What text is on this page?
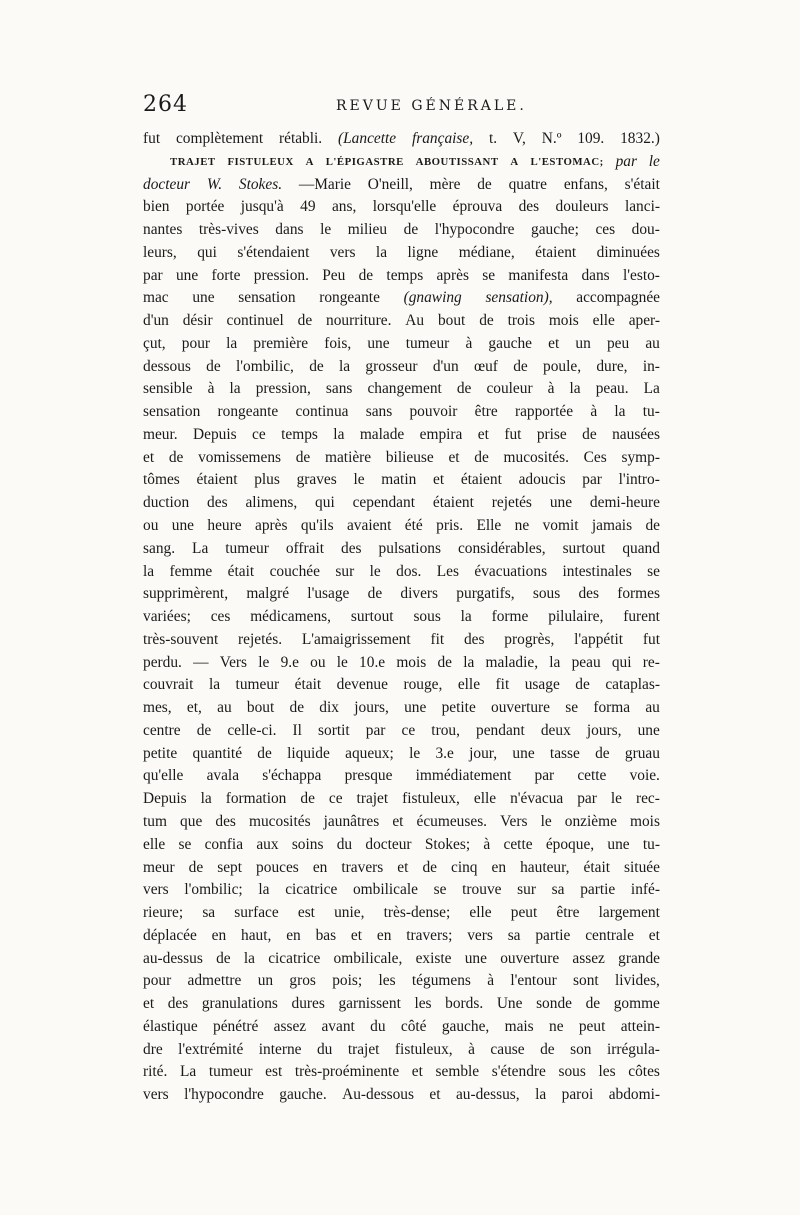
264	REVUE GÉNÉRALE.
fut complètement rétabli. (Lancette française, t. V, N.º 109. 1832.)
TRAJET FISTULEUX A L'ÉPIGASTRE ABOUTISSANT A L'ESTOMAC; par le
docteur W. Stokes. —Marie O'neill, mère de quatre enfans, s'était
bien portée jusqu'à 49 ans, lorsqu'elle éprouva des douleurs lanci-
nantes très-vives dans le milieu de l'hypocondre gauche; ces dou-
leurs, qui s'étendaient vers la ligne médiane, étaient diminuées
par une forte pression. Peu de temps après se manifesta dans l'esto-
mac une sensation rongeante (gnawing sensation), accompagnée
d'un désir continuel de nourriture. Au bout de trois mois elle aper-
çut, pour la première fois, une tumeur à gauche et un peu au
dessous de l'ombilic, de la grosseur d'un œuf de poule, dure, in-
sensible à la pression, sans changement de couleur à la peau. La
sensation rongeante continua sans pouvoir être rapportée à la tu-
meur. Depuis ce temps la malade empira et fut prise de nausées
et de vomissemens de matière bilieuse et de mucosités. Ces symp-
tômes étaient plus graves le matin et étaient adoucis par l'intro-
duction des alimens, qui cependant étaient rejetés une demi-heure
ou une heure après qu'ils avaient été pris. Elle ne vomit jamais de
sang. La tumeur offrait des pulsations considérables, surtout quand
la femme était couchée sur le dos. Les évacuations intestinales se
supprimèrent, malgré l'usage de divers purgatifs, sous des formes
variées; ces médicamens, surtout sous la forme pilulaire, furent
très-souvent rejetés. L'amaigrissement fit des progrès, l'appétit fut
perdu. — Vers le 9.e ou le 10.e mois de la maladie, la peau qui re-
couvrait la tumeur était devenue rouge, elle fit usage de cataplas-
mes, et, au bout de dix jours, une petite ouverture se forma au
centre de celle-ci. Il sortit par ce trou, pendant deux jours, une
petite quantité de liquide aqueux; le 3.e jour, une tasse de gruau
qu'elle avala s'échappa presque immédiatement par cette voie.
Depuis la formation de ce trajet fistuleux, elle n'évacua par le rec-
tum que des mucosités jaunâtres et écumeuses. Vers le onzième mois
elle se confia aux soins du docteur Stokes; à cette époque, une tu-
meur de sept pouces en travers et de cinq en hauteur, était située
vers l'ombilic; la cicatrice ombilicale se trouve sur sa partie infé-
rieure; sa surface est unie, très-dense; elle peut être largement
déplacée en haut, en bas et en travers; vers sa partie centrale et
au-dessus de la cicatrice ombilicale, existe une ouverture assez grande
pour admettre un gros pois; les tégumens à l'entour sont livides,
et des granulations dures garnissent les bords. Une sonde de gomme
élastique pénétré assez avant du côté gauche, mais ne peut attein-
dre l'extrémité interne du trajet fistuleux, à cause de son irrégula-
rité. La tumeur est très-proéminente et semble s'étendre sous les côtes
vers l'hypocondre gauche. Au-dessous et au-dessus, la paroi abdomi-
